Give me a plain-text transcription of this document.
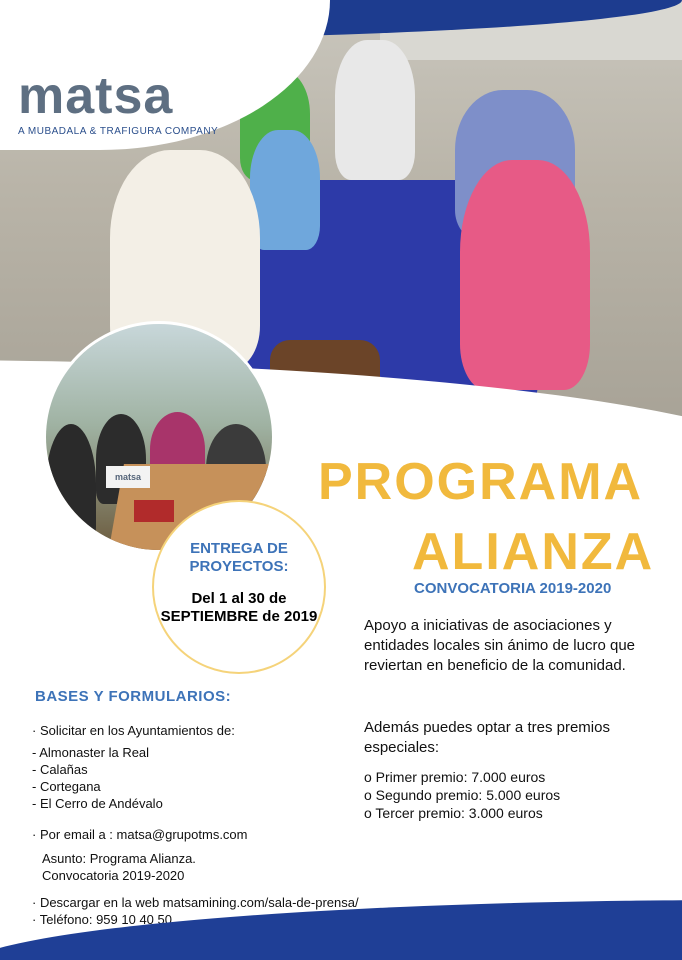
matsa
A MUBADALA & TRAFIGURA COMPANY
matsa
ENTREGA DE PROYECTOS:
Del 1 al 30 de SEPTIEMBRE de 2019
PROGRAMA
ALIANZA
CONVOCATORIA 2019-2020
Apoyo a iniciativas de asociaciones y entidades locales sin ánimo de lucro que reviertan en beneficio de la comunidad.
Además puedes optar a tres premios especiales:
o Primer premio: 7.000 euros
o Segundo premio: 5.000 euros
o Tercer premio: 3.000 euros
BASES Y FORMULARIOS:
· Solicitar en los Ayuntamientos de:
- Almonaster la Real
- Calañas
- Cortegana
- El Cerro de Andévalo
· Por email a : matsa@grupotms.com
Asunto: Programa Alianza.
Convocatoria 2019-2020
· Descargar en la web matsamining.com/sala-de-prensa/
· Teléfono: 959 10 40 50
